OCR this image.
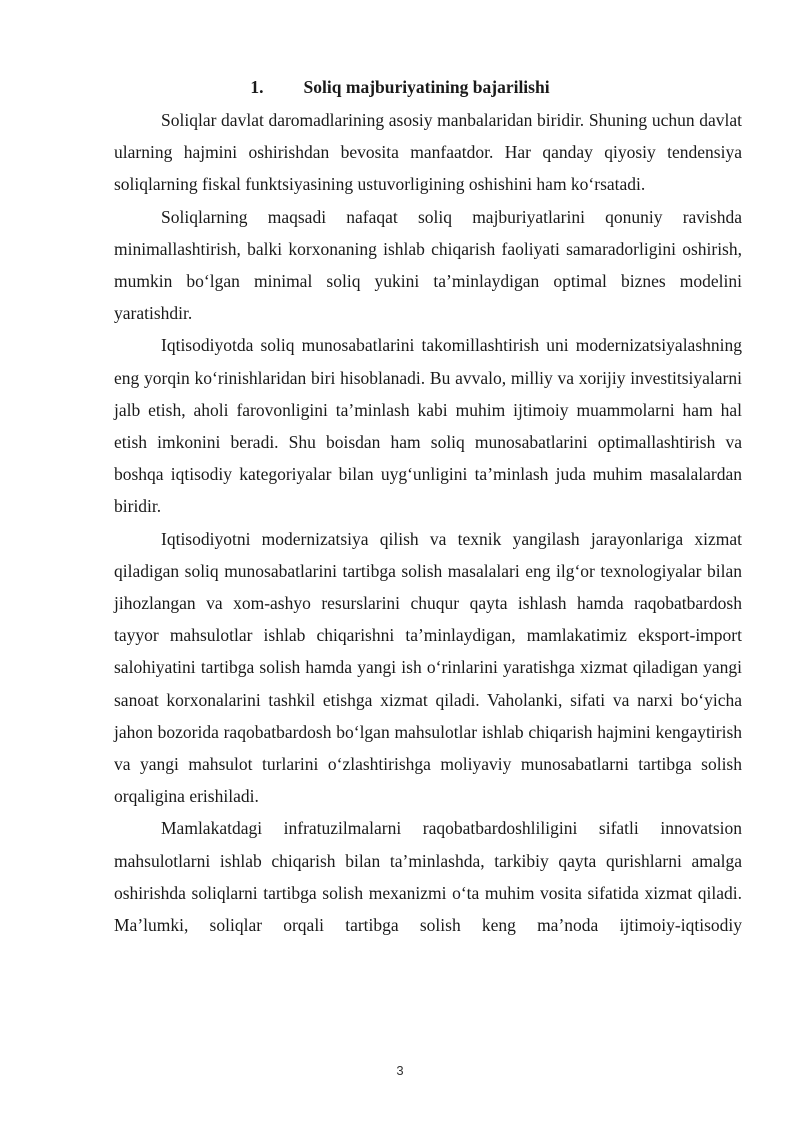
1. Soliq majburiyatining bajarilishi

Soliqlar davlat daromadlarining asosiy manbalaridan biridir. Shuning uchun davlat ularning hajmini oshirishdan bevosita manfaatdor. Har qanday qiyosiy tendensiya soliqlarning fiskal funktsiyasining ustuvorligining oshishini ham ko‘rsatadi.

Soliqlarning maqsadi nafaqat soliq majburiyatlarini qonuniy ravishda minimallashtirish, balki korxonaning ishlab chiqarish faoliyati samaradorligini oshirish, mumkin bo‘lgan minimal soliq yukini ta’minlaydigan optimal biznes modelini yaratishdir.

Iqtisodiyotda soliq munosabatlarini takomillashtirish uni modernizatsiyalashning eng yorqin ko‘rinishlaridan biri hisoblanadi. Bu avvalo, milliy va xorijiy investitsiyalarni jalb etish, aholi farovonligini ta’minlash kabi muhim ijtimoiy muammolarni ham hal etish imkonini beradi. Shu boisdan ham soliq munosabatlarini optimallashtirish va boshqa iqtisodiy kategoriyalar bilan uyg‘unligini ta’minlash juda muhim masalalardan biridir.

Iqtisodiyotni modernizatsiya qilish va texnik yangilash jarayonlariga xizmat qiladigan soliq munosabatlarini tartibga solish masalalari eng ilg‘or texnologiyalar bilan jihozlangan va xom-ashyo resurslarini chuqur qayta ishlash hamda raqobatbardosh tayyor mahsulotlar ishlab chiqarishni ta’minlaydigan, mamlakatimiz eksport-import salohiyatini tartibga solish hamda yangi ish o‘rinlarini yaratishga xizmat qiladigan yangi sanoat korxonalarini tashkil etishga xizmat qiladi. Vaholanki, sifati va narxi bo‘yicha jahon bozorida raqobatbardosh bo‘lgan mahsulotlar ishlab chiqarish hajmini kengaytirish va yangi mahsulot turlarini o‘zlashtirishga moliyaviy munosabatlarni tartibga solish orqaligina erishiladi.

Mamlakatdagi infratuzilmalarni raqobatbardoshliligini sifatli innovatsion mahsulotlarni ishlab chiqarish bilan ta’minlashda, tarkibiy qayta qurishlarni amalga oshirishda soliqlarni tartibga solish mexanizmi o‘ta muhim vosita sifatida xizmat qiladi. Ma’lumki, soliqlar orqali tartibga solish keng ma’noda ijtimoiy-iqtisodiy

3
